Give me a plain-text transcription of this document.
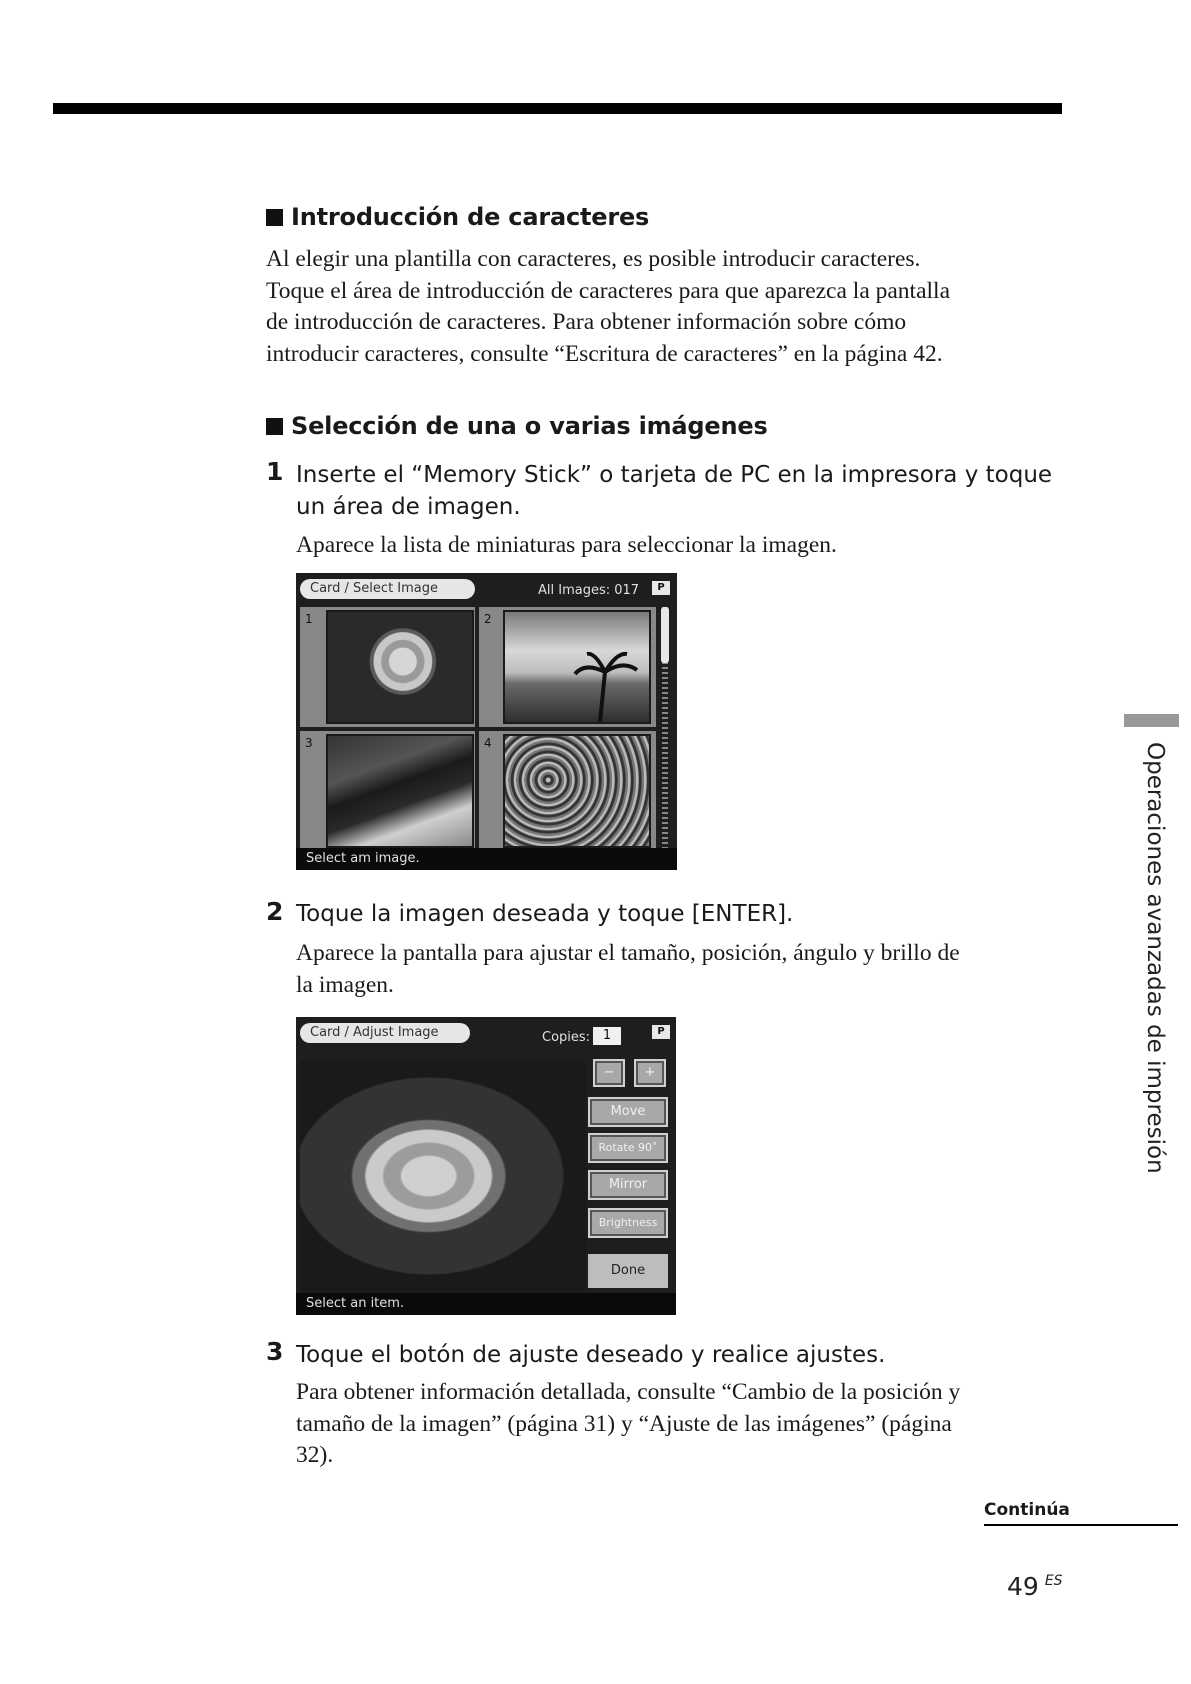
Introducción de caracteres
Al elegir una plantilla con caracteres, es posible introducir caracteres.
Toque el área de introducción de caracteres para que aparezca la pantalla
de introducción de caracteres. Para obtener información sobre cómo
introducir caracteres, consulte “Escritura de caracteres” en la página 42.
Selección de una o varias imágenes
1 Inserte el “Memory Stick” o tarjeta de PC en la impresora y toque
un área de imagen.
Aparece la lista de miniaturas para seleccionar la imagen.
Card / Select Image	All Images: 017	P
1	2
3	4
Select am image.
2 Toque la imagen deseada y toque [ENTER].
Aparece la pantalla para ajustar el tamaño, posición, ángulo y brillo de
la imagen.
Card / Adjust Image	Copies: 1	P
−	+
Move
Rotate 90˚
Mirror
Brightness
Done
Select an item.
3 Toque el botón de ajuste deseado y realice ajustes.
Para obtener información detallada, consulte “Cambio de la posición y
tamaño de la imagen” (página 31) y “Ajuste de las imágenes” (página
32).
Continúa
49 $^{ES}$
Operaciones avanzadas de impresión
